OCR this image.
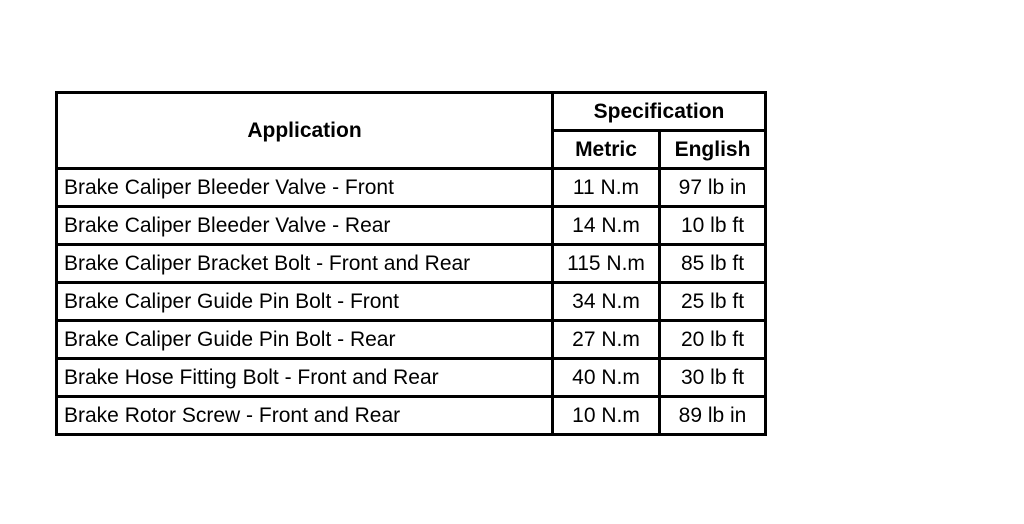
Application	Specification	
	Metric	English
Brake Caliper Bleeder Valve - Front	11 N.m	97 lb in
Brake Caliper Bleeder Valve - Rear	14 N.m	10 lb ft
Brake Caliper Bracket Bolt - Front and Rear	115 N.m	85 lb ft
Brake Caliper Guide Pin Bolt - Front	34 N.m	25 lb ft
Brake Caliper Guide Pin Bolt - Rear	27 N.m	20 lb ft
Brake Hose Fitting Bolt - Front and Rear	40 N.m	30 lb ft
Brake Rotor Screw - Front and Rear	10 N.m	89 lb in
